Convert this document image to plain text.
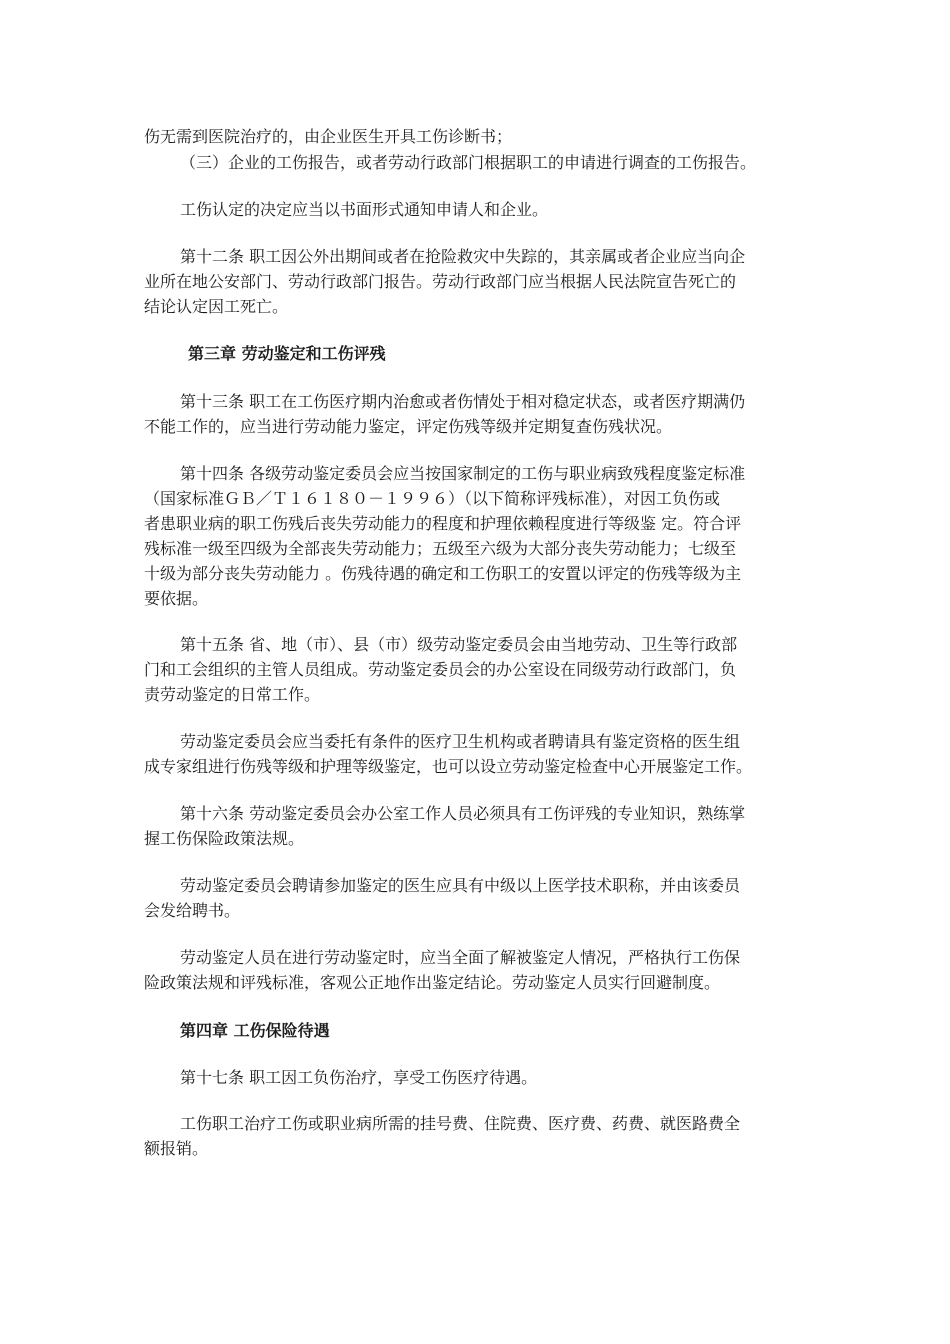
伤无需到医院治疗的，由企业医生开具工伤诊断书；
（三）企业的工伤报告，或者劳动行政部门根据职工的申请进行调查的工伤报告。
工伤认定的决定应当以书面形式通知申请人和企业。
第十二条 职工因公外出期间或者在抢险救灾中失踪的，其亲属或者企业应当向企
业所在地公安部门、劳动行政部门报告。劳动行政部门应当根据人民法院宣告死亡的
结论认定因工死亡。
第三章 劳动鉴定和工伤评残
第十三条 职工在工伤医疗期内治愈或者伤情处于相对稳定状态，或者医疗期满仍
不能工作的，应当进行劳动能力鉴定，评定伤残等级并定期复查伤残状况。
第十四条 各级劳动鉴定委员会应当按国家制定的工伤与职业病致残程度鉴定标准
（国家标准ＧＢ／Ｔ１６１８０－１９９６）（以下简称评残标准），对因工负伤或
者患职业病的职工伤残后丧失劳动能力的程度和护理依赖程度进行等级鉴 定。符合评
残标准一级至四级为全部丧失劳动能力；五级至六级为大部分丧失劳动能力；七级至
十级为部分丧失劳动能力 。伤残待遇的确定和工伤职工的安置以评定的伤残等级为主
要依据。
第十五条 省、地（市）、县（市）级劳动鉴定委员会由当地劳动、卫生等行政部
门和工会组织的主管人员组成。劳动鉴定委员会的办公室设在同级劳动行政部门，负
责劳动鉴定的日常工作。
劳动鉴定委员会应当委托有条件的医疗卫生机构或者聘请具有鉴定资格的医生组
成专家组进行伤残等级和护理等级鉴定，也可以设立劳动鉴定检查中心开展鉴定工作。
第十六条 劳动鉴定委员会办公室工作人员必须具有工伤评残的专业知识，熟练掌
握工伤保险政策法规。
劳动鉴定委员会聘请参加鉴定的医生应具有中级以上医学技术职称，并由该委员
会发给聘书。
劳动鉴定人员在进行劳动鉴定时，应当全面了解被鉴定人情况，严格执行工伤保
险政策法规和评残标准，客观公正地作出鉴定结论。劳动鉴定人员实行回避制度。
第四章 工伤保险待遇
第十七条 职工因工负伤治疗，享受工伤医疗待遇。
工伤职工治疗工伤或职业病所需的挂号费、住院费、医疗费、药费、就医路费全
额报销。
